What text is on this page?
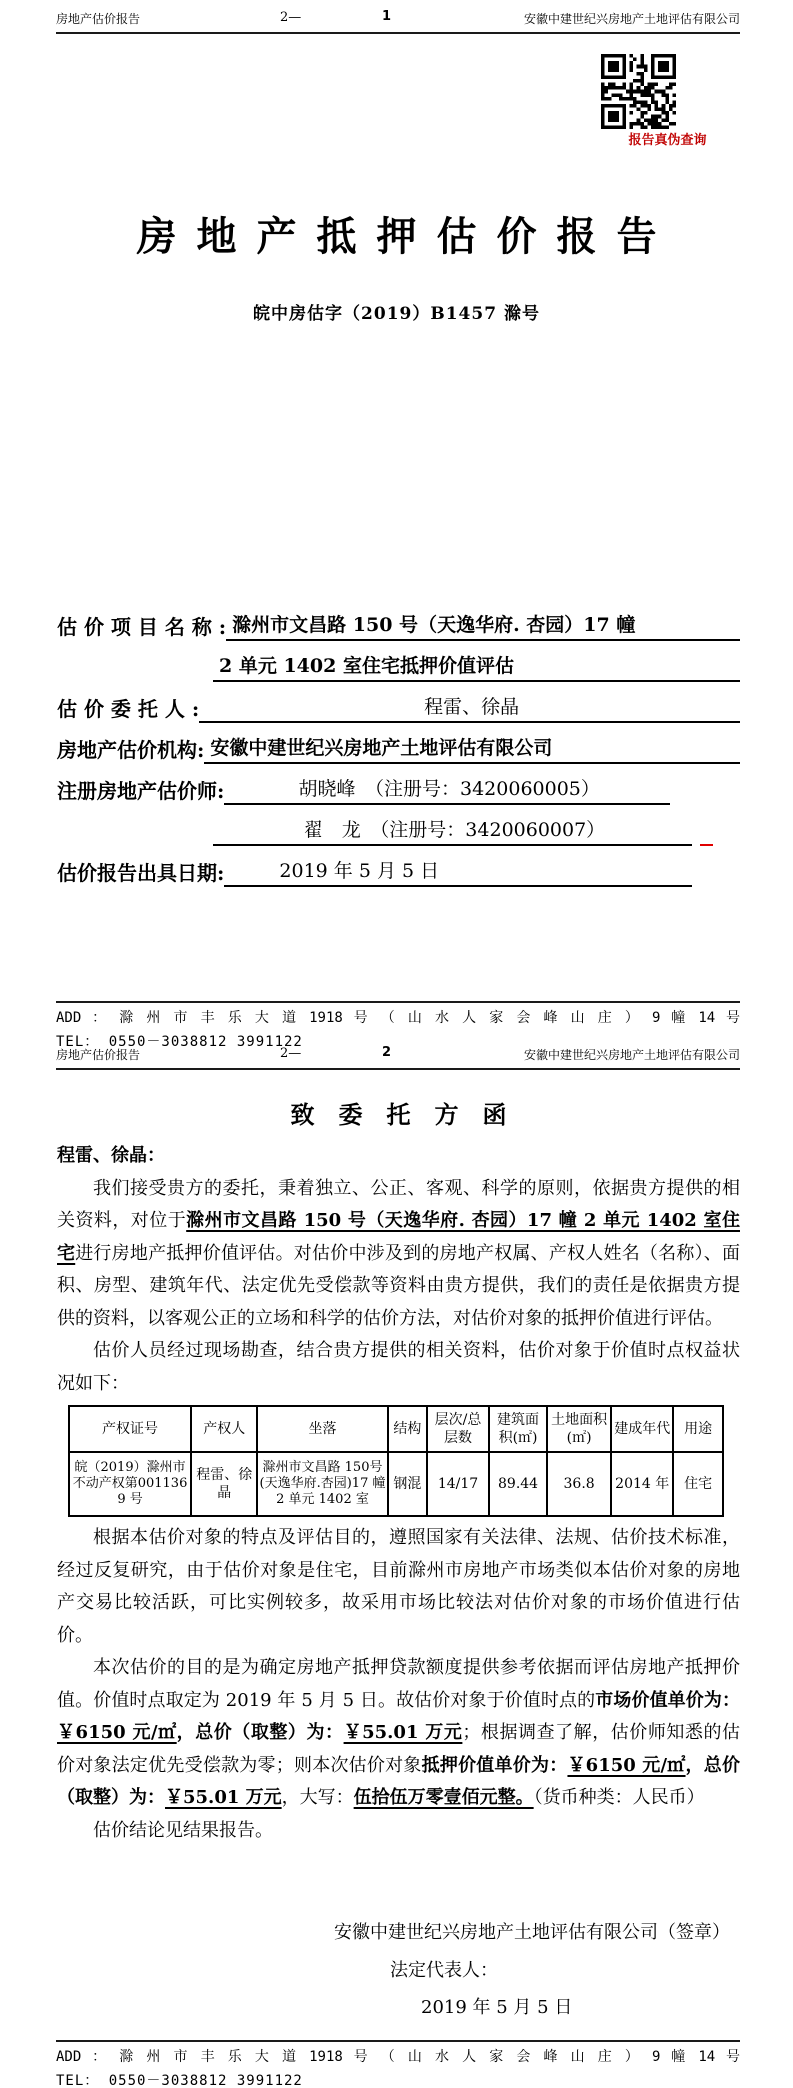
房地产估价报告	2—	1	安徽中建世纪兴房地产土地评估有限公司
报告真伪查询
房地产抵押估价报告
皖中房估字（2019）B1457 滁号
估 价 项 目 名 称 : 滁州市文昌路 150 号（天逸华府. 杏园）17 幢
2 单元 1402 室住宅抵押价值评估
估 价 委 托 人 :	程雷、徐晶
房地产估价机构: 安徽中建世纪兴房地产土地评估有限公司
注册房地产估价师:	胡晓峰　（注册号：3420060005）
翟　龙　（注册号：3420060007）
估价报告出具日期:	2019 年 5 月 5 日
ADD ： 滁 州 市 丰 乐 大 道 1918 号 （ 山 水 人 家 会 峰 山 庄 ） 9 幢 14 号
TEL： 0550－3038812 3991122
房地产估价报告	2—	2	安徽中建世纪兴房地产土地评估有限公司
致委托方函
程雷、徐晶：

我们接受贵方的委托，秉着独立、公正、客观、科学的原则，依据贵方提供的相关资料，对位于滁州市文昌路 150 号（天逸华府. 杏园）17 幢 2 单元 1402 室住宅进行房地产抵押价值评估。对估价中涉及到的房地产权属、产权人姓名（名称）、面积、房型、建筑年代、法定优先受偿款等资料由贵方提供，我们的责任是依据贵方提供的资料，以客观公正的立场和科学的估价方法，对估价对象的抵押价值进行评估。

估价人员经过现场勘查，结合贵方提供的相关资料，估价对象于价值时点权益状况如下：

产权证号	产权人	坐落	结构	层次/总层数	建筑面积(㎡)	土地面积(㎡)	建成年代	用途
皖（2019）滁州市不动产权第0011369 号	程雷、徐晶	滁州市文昌路 150号(天逸华府.杏园)17 幢 2 单元 1402 室	钢混	14/17	89.44	36.8	2014 年	住宅

根据本估价对象的特点及评估目的，遵照国家有关法律、法规、估价技术标准，经过反复研究，由于估价对象是住宅，目前滁州市房地产市场类似本估价对象的房地产交易比较活跃，可比实例较多，故采用市场比较法对估价对象的市场价值进行估价。

本次估价的目的是为确定房地产抵押贷款额度提供参考依据而评估房地产抵押价值。价值时点取定为 2019 年 5 月 5 日。故估价对象于价值时点的市场价值单价为：￥6150 元/㎡，总价（取整）为：￥55.01 万元；根据调查了解，估价师知悉的估价对象法定优先受偿款为零；则本次估价对象抵押价值单价为：￥6150 元/㎡，总价（取整）为：￥55.01 万元，大写：伍拾伍万零壹佰元整。（货币种类：人民币）

估价结论见结果报告。

安徽中建世纪兴房地产土地评估有限公司（签章）

法定代表人：

2019 年 5 月 5 日

ADD ： 滁 州 市 丰 乐 大 道 1918 号 （ 山 水 人 家 会 峰 山 庄 ） 9 幢 14 号
TEL： 0550－3038812 3991122
